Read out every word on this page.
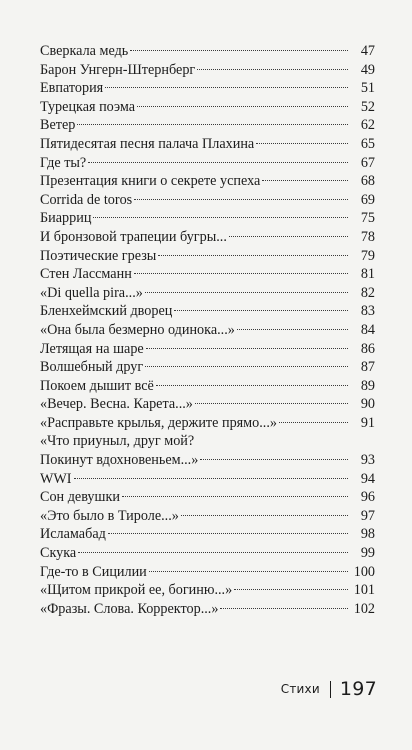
Сверкала медь	47
Барон Унгерн-Штернберг	49
Евпатория	51
Турецкая поэма	52
Ветер	62
Пятидесятая песня палача Плахина	65
Где ты?	67
Презентация книги о секрете успеха	68
Corrida de toros	69
Биарриц	75
И бронзовой трапеции бугры...	78
Поэтические грезы	79
Стен Лассманн	81
«Di quella pira...»	82
Бленхеймский дворец	83
«Она была безмерно одинока...»	84
Летящая на шаре	86
Волшебный друг	87
Покоем дышит всё	89
«Вечер. Весна. Карета...»	90
«Расправьте крылья, держите прямо...»	91
«Что приуныл, друг мой?
Покинут вдохновеньем...»	93
WWI	94
Сон девушки	96
«Это было в Тироле...»	97
Исламабад	98
Скука	99
Где-то в Сицилии	100
«Щитом прикрой ее, богиню...»	101
«Фразы. Слова. Корректор...»	102
Стихи 197
